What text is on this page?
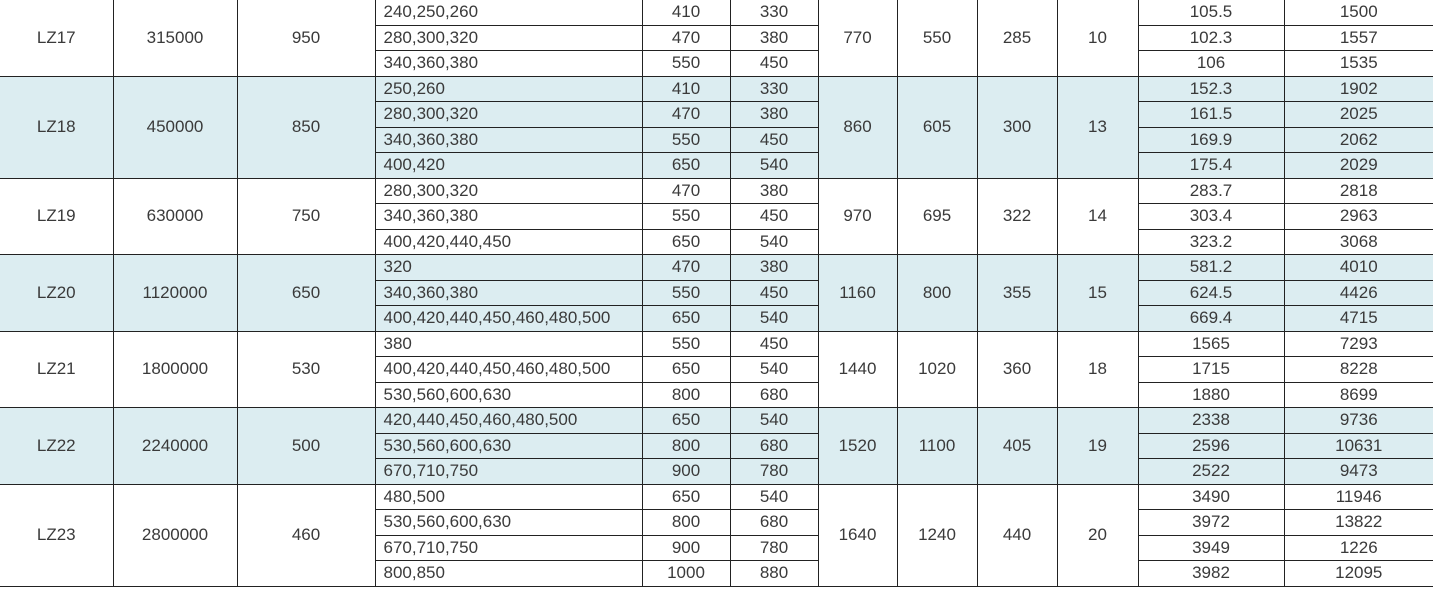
LZ17	315000	950	240,250,260	410	330	770	550	285	10	105.5	1500
			280,300,320	470	380					102.3	1557
			340,360,380	550	450					106	1535
LZ18	450000	850	250,260	410	330	860	605	300	13	152.3	1902
			280,300,320	470	380					161.5	2025
			340,360,380	550	450					169.9	2062
			400,420	650	540					175.4	2029
LZ19	630000	750	280,300,320	470	380	970	695	322	14	283.7	2818
			340,360,380	550	450					303.4	2963
			400,420,440,450	650	540					323.2	3068
LZ20	1120000	650	320	470	380	1160	800	355	15	581.2	4010
			340,360,380	550	450					624.5	4426
			400,420,440,450,460,480,500	650	540					669.4	4715
LZ21	1800000	530	380	550	450	1440	1020	360	18	1565	7293
			400,420,440,450,460,480,500	650	540					1715	8228
			530,560,600,630	800	680					1880	8699
LZ22	2240000	500	420,440,450,460,480,500	650	540	1520	1100	405	19	2338	9736
			530,560,600,630	800	680					2596	10631
			670,710,750	900	780					2522	9473
LZ23	2800000	460	480,500	650	540	1640	1240	440	20	3490	11946
			530,560,600,630	800	680					3972	13822
			670,710,750	900	780					3949	1226
			800,850	1000	880					3982	12095
